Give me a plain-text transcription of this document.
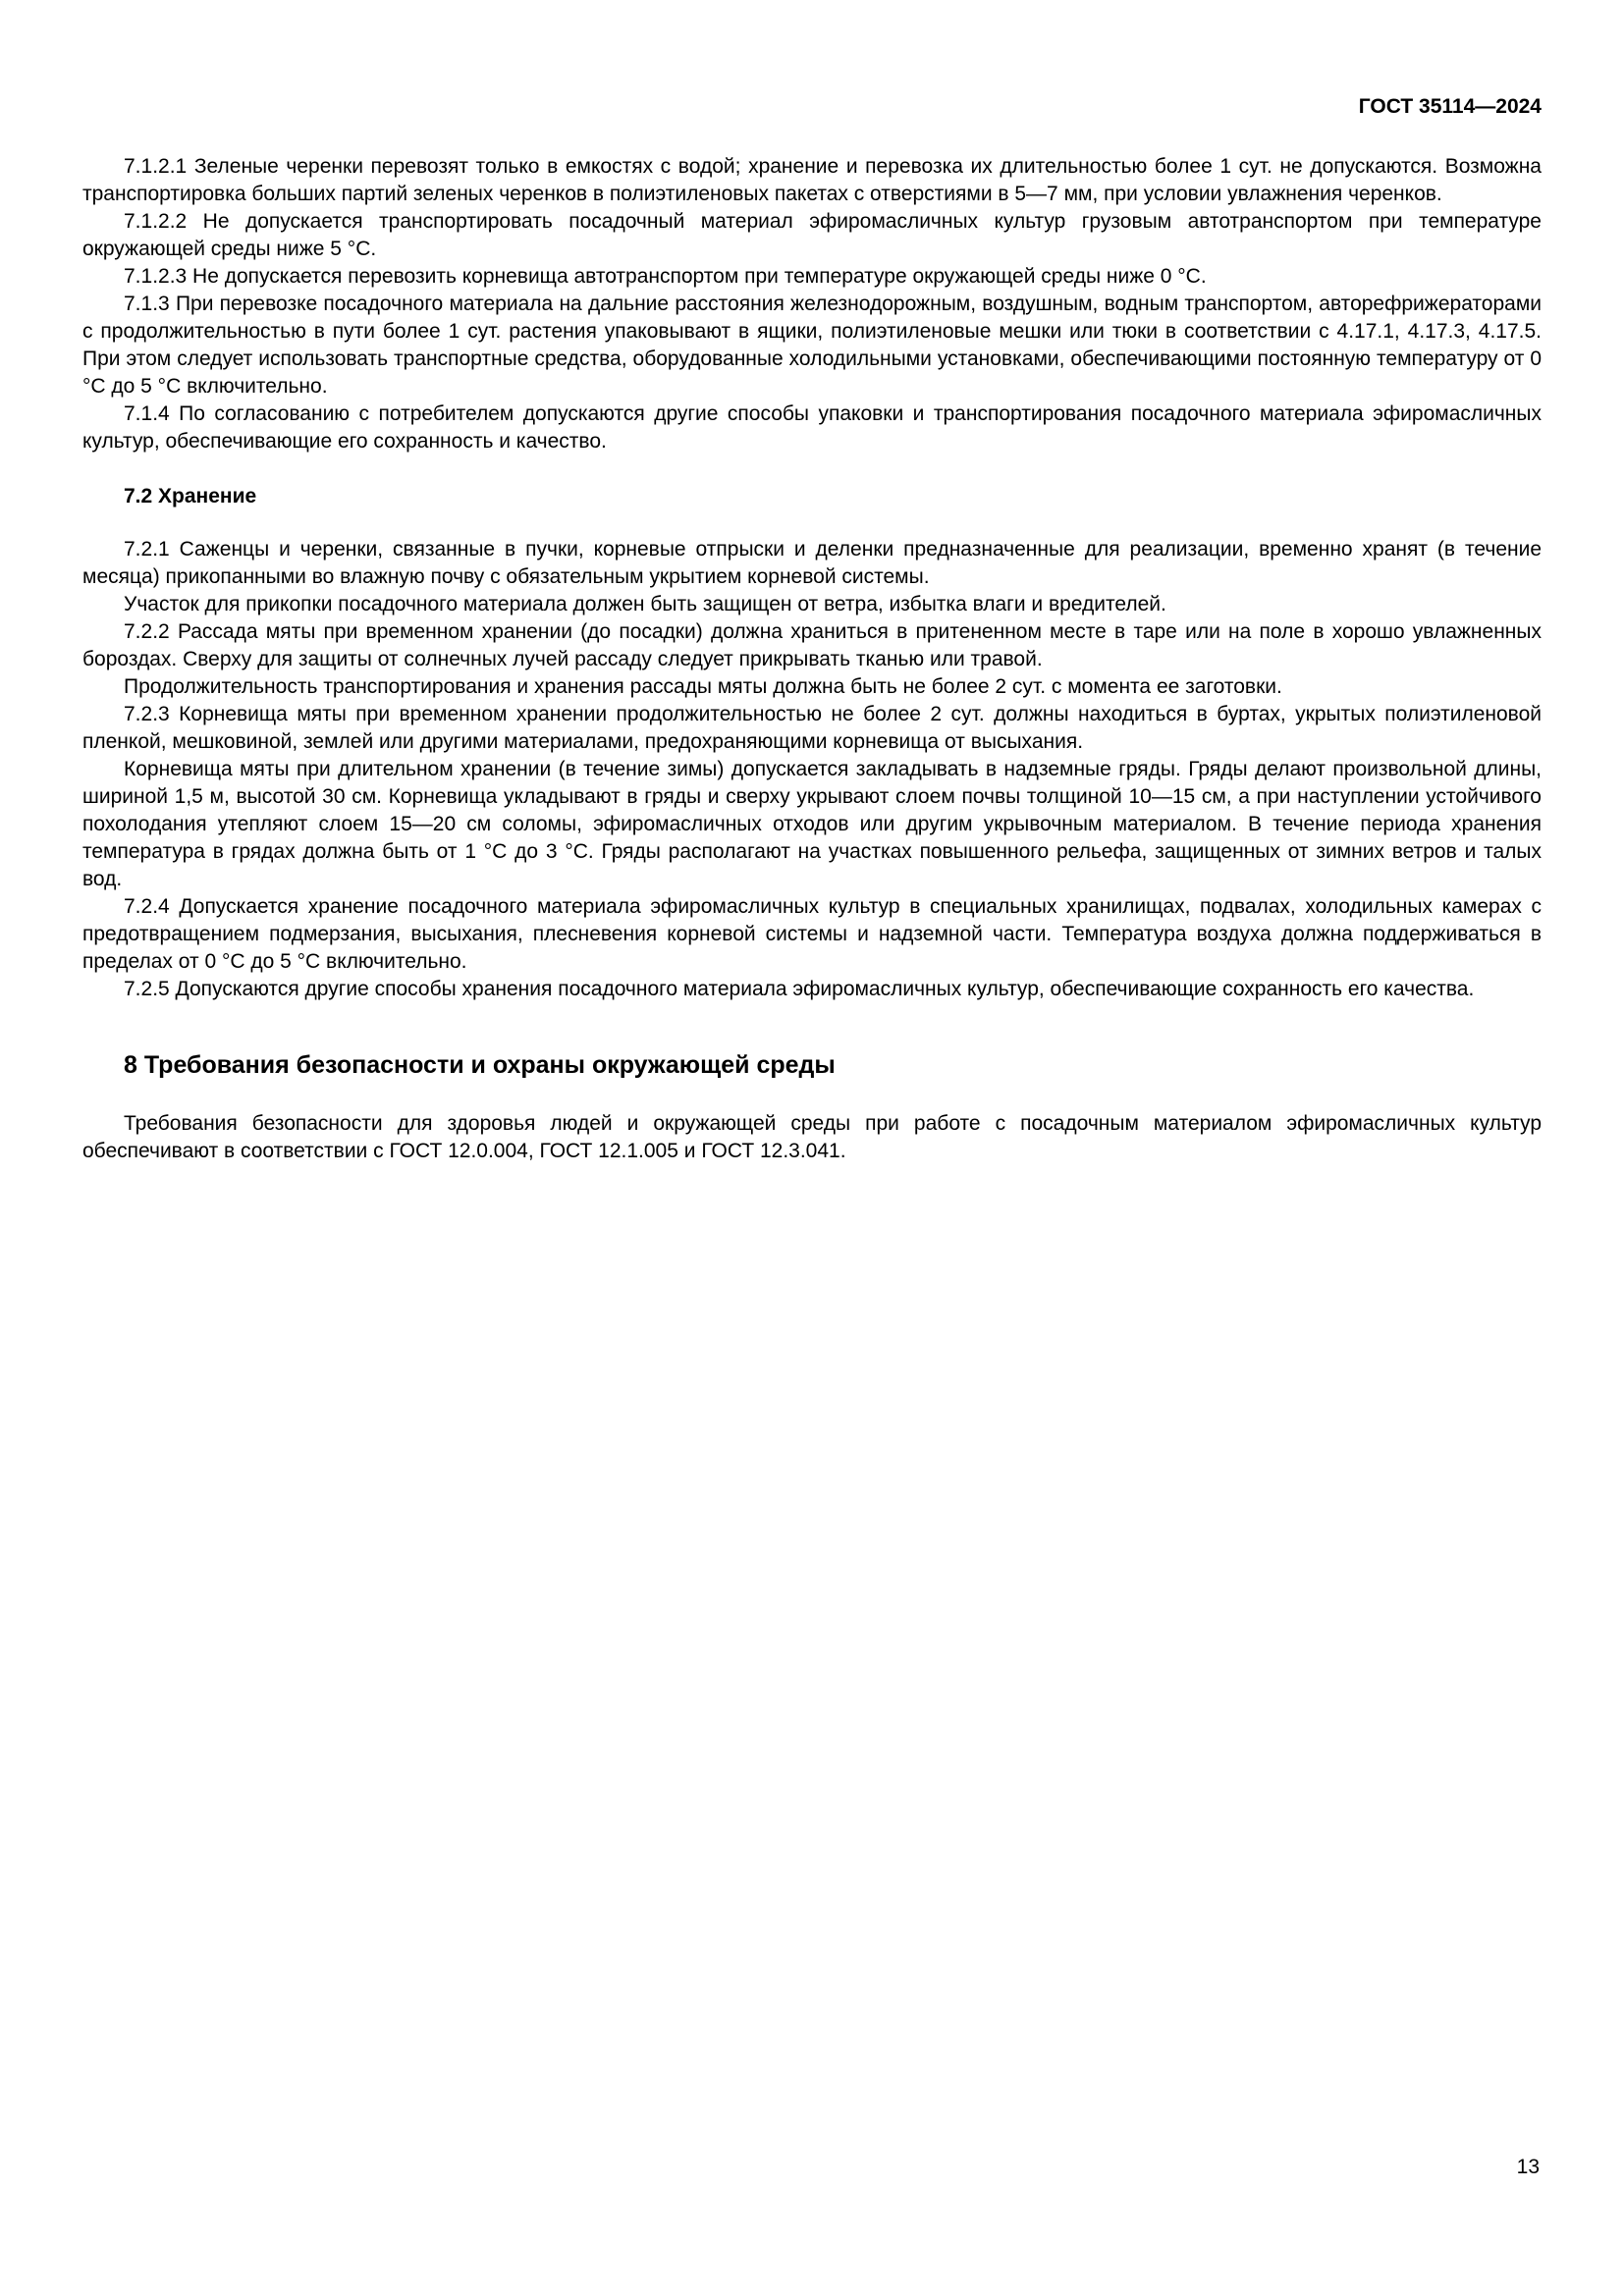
ГОСТ 35114—2024

7.1.2.1 Зеленые черенки перевозят только в емкостях с водой; хранение и перевозка их длительностью более 1 сут. не допускаются. Возможна транспортировка больших партий зеленых черенков в полиэтиленовых пакетах с отверстиями в 5—7 мм, при условии увлажнения черенков.

7.1.2.2 Не допускается транспортировать посадочный материал эфиромасличных культур грузовым автотранспортом при температуре окружающей среды ниже 5 °С.

7.1.2.3 Не допускается перевозить корневища автотранспортом при температуре окружающей среды ниже 0 °С.

7.1.3 При перевозке посадочного материала на дальние расстояния железнодорожным, воздушным, водным транспортом, авторефрижераторами с продолжительностью в пути более 1 сут. растения упаковывают в ящики, полиэтиленовые мешки или тюки в соответствии с 4.17.1, 4.17.3, 4.17.5. При этом следует использовать транспортные средства, оборудованные холодильными установками, обеспечивающими постоянную температуру от 0 °С до 5 °С включительно.

7.1.4 По согласованию с потребителем допускаются другие способы упаковки и транспортирования посадочного материала эфиромасличных культур, обеспечивающие его сохранность и качество.

7.2 Хранение

7.2.1 Саженцы и черенки, связанные в пучки, корневые отпрыски и деленки предназначенные для реализации, временно хранят (в течение месяца) прикопанными во влажную почву с обязательным укрытием корневой системы.

Участок для прикопки посадочного материала должен быть защищен от ветра, избытка влаги и вредителей.

7.2.2 Рассада мяты при временном хранении (до посадки) должна храниться в притененном месте в таре или на поле в хорошо увлажненных бороздах. Сверху для защиты от солнечных лучей рассаду следует прикрывать тканью или травой.

Продолжительность транспортирования и хранения рассады мяты должна быть не более 2 сут. с момента ее заготовки.

7.2.3 Корневища мяты при временном хранении продолжительностью не более 2 сут. должны находиться в буртах, укрытых полиэтиленовой пленкой, мешковиной, землей или другими материалами, предохраняющими корневища от высыхания.

Корневища мяты при длительном хранении (в течение зимы) допускается закладывать в надземные гряды. Гряды делают произвольной длины, шириной 1,5 м, высотой 30 см. Корневища укладывают в гряды и сверху укрывают слоем почвы толщиной 10—15 см, а при наступлении устойчивого похолодания утепляют слоем 15—20 см соломы, эфиромасличных отходов или другим укрывочным материалом. В течение периода хранения температура в грядах должна быть от 1 °С до 3 °С. Гряды располагают на участках повышенного рельефа, защищенных от зимних ветров и талых вод.

7.2.4 Допускается хранение посадочного материала эфиромасличных культур в специальных хранилищах, подвалах, холодильных камерах с предотвращением подмерзания, высыхания, плесневения корневой системы и надземной части. Температура воздуха должна поддерживаться в пределах от 0 °С до 5 °С включительно.

7.2.5 Допускаются другие способы хранения посадочного материала эфиромасличных культур, обеспечивающие сохранность его качества.

8 Требования безопасности и охраны окружающей среды

Требования безопасности для здоровья людей и окружающей среды при работе с посадочным материалом эфиромасличных культур обеспечивают в соответствии с ГОСТ 12.0.004, ГОСТ 12.1.005 и ГОСТ 12.3.041.

13
